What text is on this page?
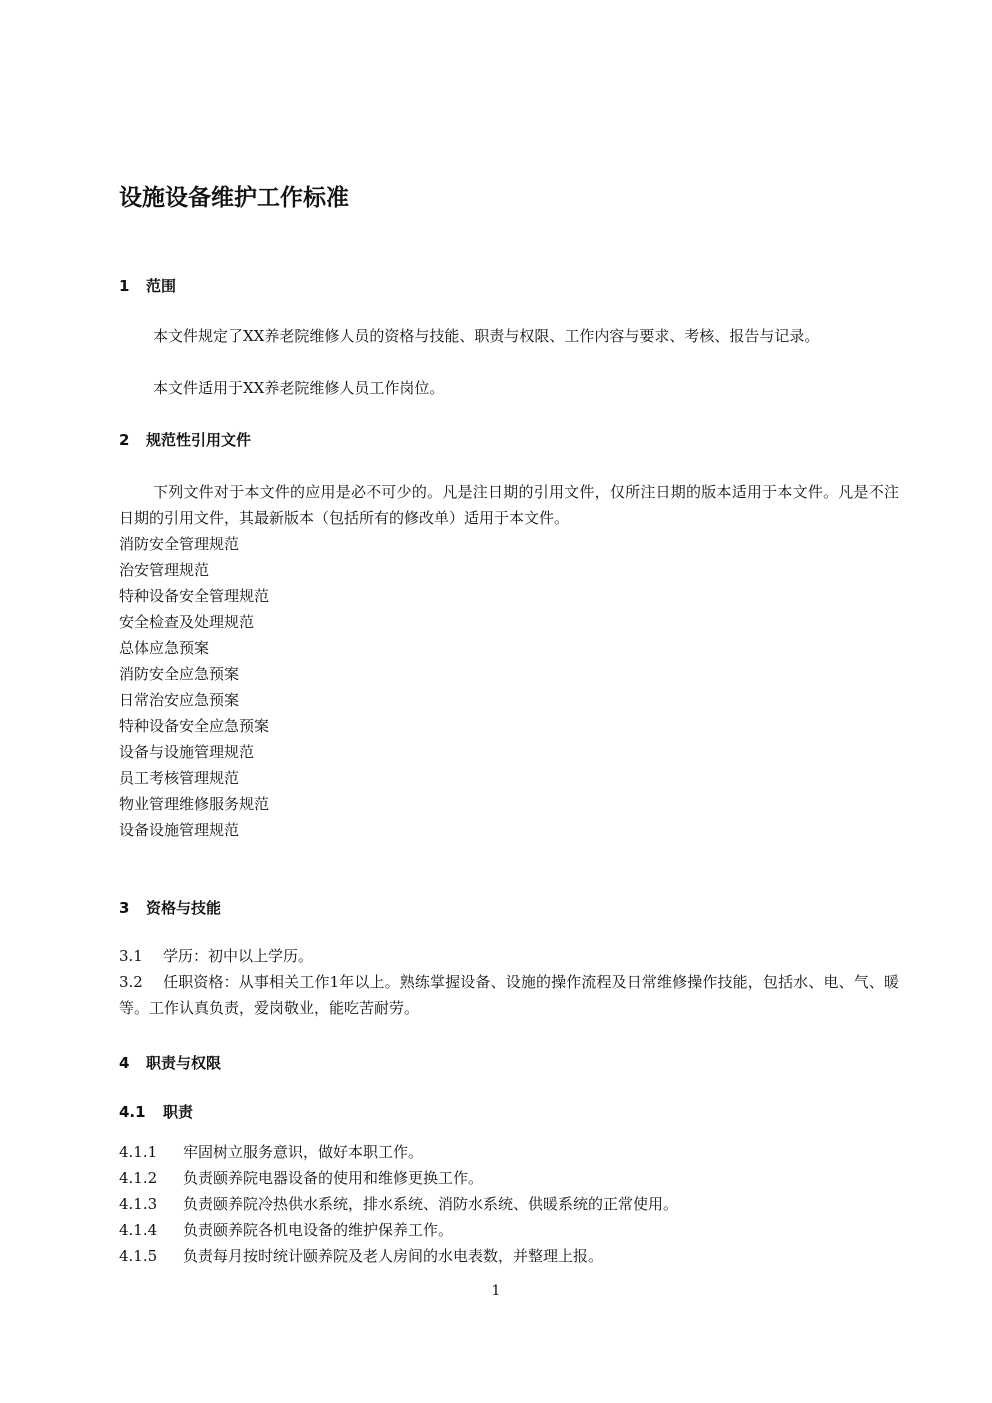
设施设备维护工作标准
1 范围

本文件规定了XX养老院维修人员的资格与技能、职责与权限、工作内容与要求、考核、报告与记录。

本文件适用于XX养老院维修人员工作岗位。

2 规范性引用文件

下列文件对于本文件的应用是必不可少的。凡是注日期的引用文件，仅所注日期的版本适用于本文件。凡是不注日期的引用文件，其最新版本（包括所有的修改单）适用于本文件。

消防安全管理规范
治安管理规范
特种设备安全管理规范
安全检查及处理规范
总体应急预案
消防安全应急预案
日常治安应急预案
特种设备安全应急预案
设备与设施管理规范
员工考核管理规范
物业管理维修服务规范
设备设施管理规范
3 资格与技能
3.1 学历：初中以上学历。
3.2 任职资格：从事相关工作1年以上。熟练掌握设备、设施的操作流程及日常维修操作技能，包括水、电、气、暖等。工作认真负责，爱岗敬业，能吃苦耐劳。
4 职责与权限
4.1 职责
4.1.1 牢固树立服务意识，做好本职工作。
4.1.2 负责颐养院电器设备的使用和维修更换工作。
4.1.3 负责颐养院冷热供水系统，排水系统、消防水系统、供暖系统的正常使用。
4.1.4 负责颐养院各机电设备的维护保养工作。
4.1.5 负责每月按时统计颐养院及老人房间的水电表数，并整理上报。
1
